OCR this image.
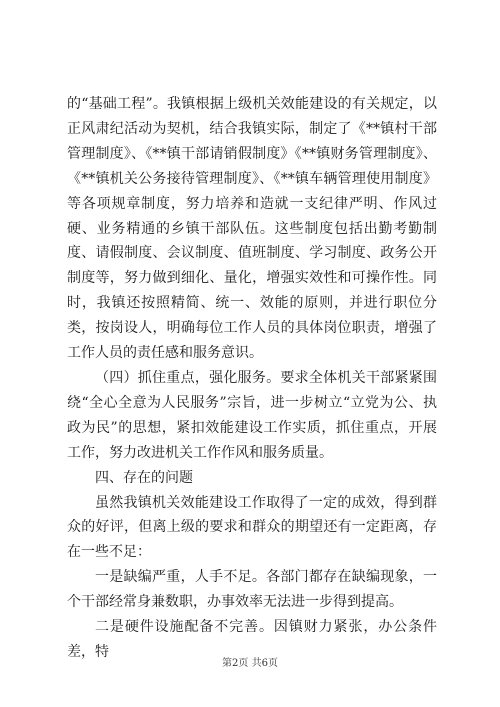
的“基础工程”。我镇根据上级机关效能建设的有关规定，以正风肃纪活动为契机，结合我镇实际，制定了《**镇村干部管理制度》、《**镇干部请销假制度》《**镇财务管理制度》、《**镇机关公务接待管理制度》、《**镇车辆管理使用制度》等各项规章制度，努力培养和造就一支纪律严明、作风过硬、业务精通的乡镇干部队伍。这些制度包括出勤考勤制度、请假制度、会议制度、值班制度、学习制度、政务公开制度等，努力做到细化、量化，增强实效性和可操作性。同时，我镇还按照精简、统一、效能的原则，并进行职位分类，按岗设人，明确每位工作人员的具体岗位职责，增强了工作人员的责任感和服务意识。

（四）抓住重点，强化服务。要求全体机关干部紧紧围绕“全心全意为人民服务”宗旨，进一步树立“立党为公、执政为民”的思想，紧扣效能建设工作实质，抓住重点，开展工作，努力改进机关工作作风和服务质量。

四、存在的问题

虽然我镇机关效能建设工作取得了一定的成效，得到群众的好评，但离上级的要求和群众的期望还有一定距离，存在一些不足：

一是缺编严重，人手不足。各部门都存在缺编现象，一个干部经常身兼数职，办事效率无法进一步得到提高。

二是硬件设施配备不完善。因镇财力紧张，办公条件差，特

第2页 共6页
